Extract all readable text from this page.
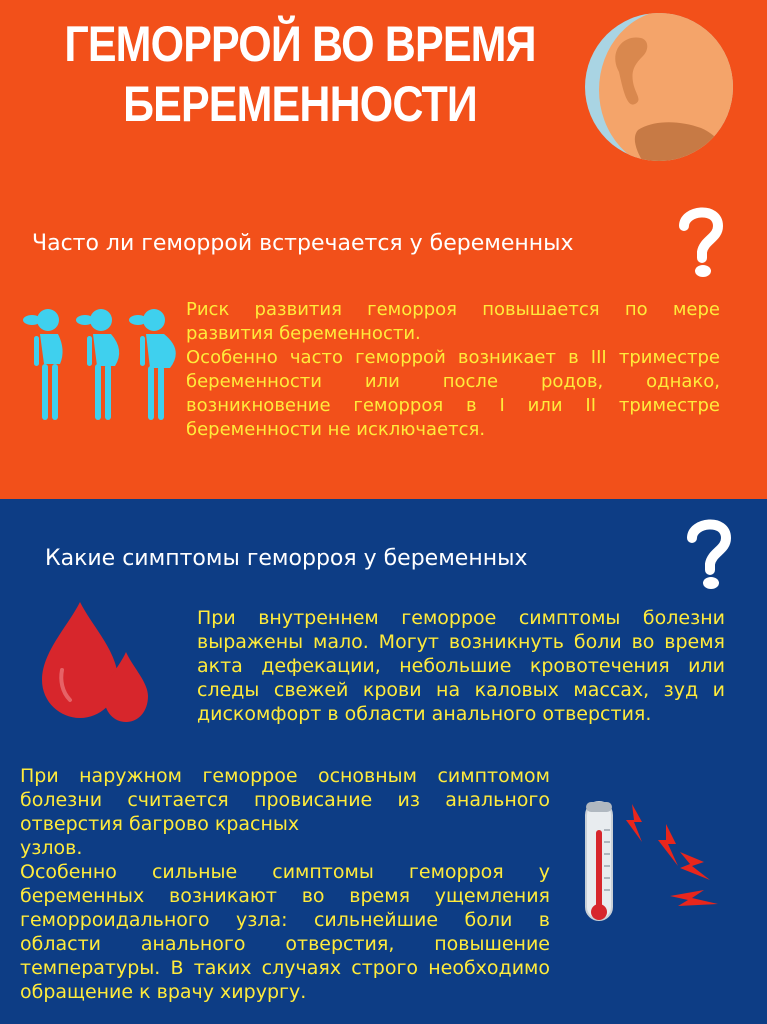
ГЕМОРРОЙ ВО ВРЕМЯ
БЕРЕМЕННОСТИ
Часто ли геморрой встречается у беременных
Риск развития геморроя повышается по мере
развития беременности.
Особенно часто геморрой возникает в III триместре беременности или после родов, однако, возникновение геморроя в I или II триместре беременности не исключается.
Какие симптомы геморроя у беременных
При внутреннем геморрое симптомы болезни выражены мало. Могут возникнуть боли во время акта дефекации, небольшие кровотечения или следы свежей крови на каловых массах, зуд и дискомфорт в области анального отверстия.
При наружном геморрое основным симптомом болезни считается провисание из анального отверстия багрово красных
узлов.
Особенно сильные симптомы геморроя у беременных возникают во время ущемления геморроидального узла: сильнейшие боли в области анального отверстия, повышение температуры. В таких случаях строго необходимо обращение к врачу хирургу.
